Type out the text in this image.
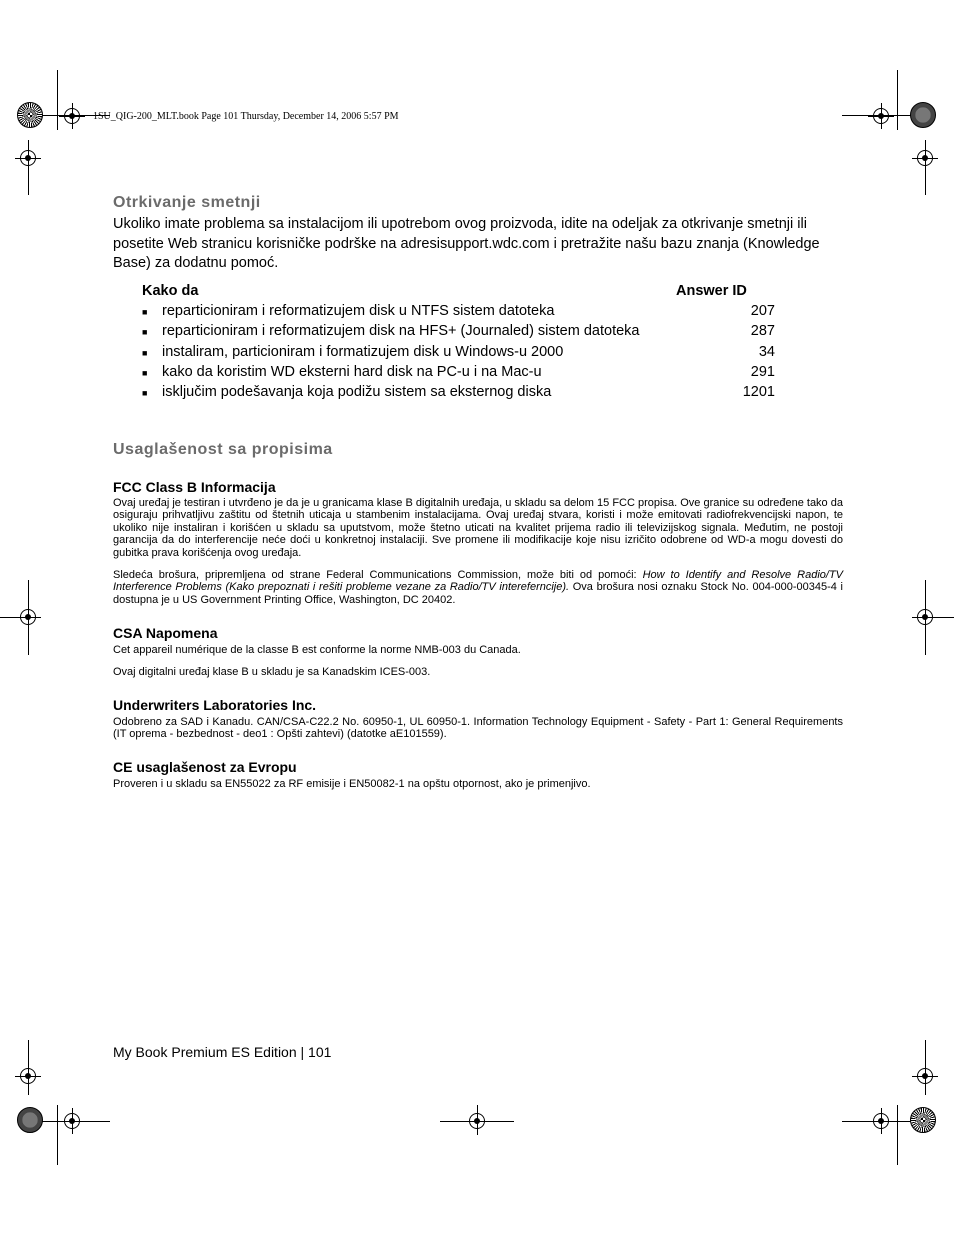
1SU_QIG-200_MLT.book Page 101 Thursday, December 14, 2006 5:57 PM
Otrkivanje smetnji
Ukoliko imate problema sa instalacijom ili upotrebom ovog proizvoda, idite na odeljak za otkrivanje smetnji ili posetite Web stranicu korisničke podrške na adresisupport.wdc.com i pretražite našu bazu znanja (Knowledge Base) za dodatnu pomoć.
Kako da	Answer ID
■ reparticioniram i reformatizujem disk u NTFS sistem datoteka	207
■ reparticioniram i reformatizujem disk na HFS+ (Journaled) sistem datoteka	287
■ instaliram, particioniram i formatizujem disk u Windows-u 2000	34
■ kako da koristim WD eksterni hard disk na PC-u i na Mac-u	291
■ isključim podešavanja koja podižu sistem sa eksternog diska	1201
Usaglašenost sa propisima
FCC Class B Informacija
Ovaj uređaj je testiran i utvrđeno je da je u granicama klase B digitalnih uređaja, u skladu sa delom 15 FCC propisa. Ove granice su određene tako da osiguraju prihvatljivu zaštitu od štetnih uticaja u stambenim instalacijama. Ovaj uređaj stvara, koristi i može emitovati radiofrekvencijski napon, te ukoliko nije instaliran i korišćen u skladu sa uputstvom, može štetno uticati na kvalitet prijema radio ili televizijskog signala. Međutim, ne postoji garancija da do interferencije neće doći u konkretnoj instalaciji. Sve promene ili modifikacije koje nisu izričito odobrene od WD-a mogu dovesti do gubitka prava korišćenja ovog uređaja.
Sledeća brošura, pripremljena od strane Federal Communications Commission, može biti od pomoći: How to Identify and Resolve Radio/TV Interference Problems (Kako prepoznati i rešiti probleme vezane za Radio/TV intereferncije). Ova brošura nosi oznaku Stock No. 004-000-00345-4 i dostupna je u US Government Printing Office, Washington, DC 20402.
CSA Napomena
Cet appareil numérique de la classe B est conforme la norme NMB-003 du Canada.
Ovaj digitalni uređaj klase B u skladu je sa Kanadskim ICES-003.
Underwriters Laboratories Inc.
Odobreno za SAD i Kanadu. CAN/CSA-C22.2 No. 60950-1, UL 60950-1. Information Technology Equipment - Safety - Part 1: General Requirements (IT oprema - bezbednost - deo1 : Opšti zahtevi) (datotke aE101559).
CE usaglašenost za Evropu
Proveren i u skladu sa EN55022 za RF emisije i EN50082-1 na opštu otpornost, ako je primenjivo.
My Book Premium ES Edition | 101
